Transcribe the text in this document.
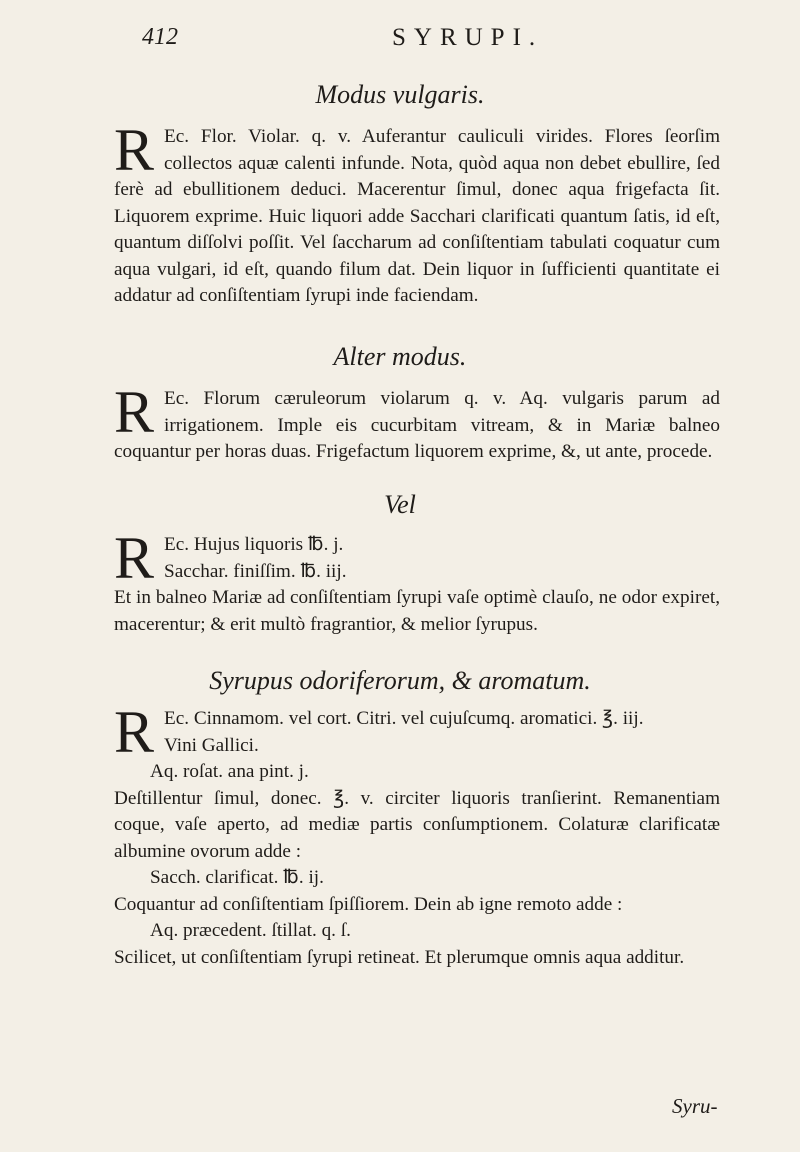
412	SYRUPI.
Modus vulgaris.
R Ec. Flor. Violar. q. v. Auferantur cauliculi virides. Flores ſeorſim collectos aquæ calenti infunde. Nota, quòd aqua non debet ebullire, ſed ferè ad ebullitionem deduci. Macerentur ſimul, donec aqua frigefacta ſit. Liquorem exprime. Huic liquori adde Sacchari clarificati quantum ſatis, id eſt, quantum diſſolvi poſſit. Vel ſaccharum ad conſiſtentiam tabulati coquatur cum aqua vulgari, id eſt, quando filum dat. Dein liquor in ſufficienti quantitate ei addatur ad conſiſtentiam ſyrupi inde faciendam.
Alter modus.
R Ec. Florum cæruleorum violarum q. v. Aq. vulgaris parum ad irrigationem. Imple eis cucurbitam vitream, & in Mariæ balneo coquantur per horas duas. Frigefactum liquorem exprime, &, ut ante, procede.
Vel
R Ec. Hujus liquoris ℔. j.
Sacchar. finiſſim. ℔. iij.
Et in balneo Mariæ ad conſiſtentiam ſyrupi vaſe optimè clauſo, ne odor expiret, macerentur; & erit multò fragrantior, & melior ſyrupus.
Syrupus odoriferorum, & aromatum.
R Ec. Cinnamom. vel cort. Citri. vel cujuſcumq. aromatici. ℥. iij.
Vini Gallici.
Aq. roſat. ana pint. j.
Deſtillentur ſimul, donec. ℥. v. circiter liquoris tranſierint. Remanentiam coque, vaſe aperto, ad mediæ partis conſumptionem. Colaturæ clarificatæ albumine ovorum adde :
Sacch. clarificat. ℔. ij.
Coquantur ad conſiſtentiam ſpiſſiorem. Dein ab igne remoto adde :
Aq. præcedent. ſtillat. q. ſ.
Scilicet, ut conſiſtentiam ſyrupi retineat. Et plerumque omnis aqua additur.
Syru-
